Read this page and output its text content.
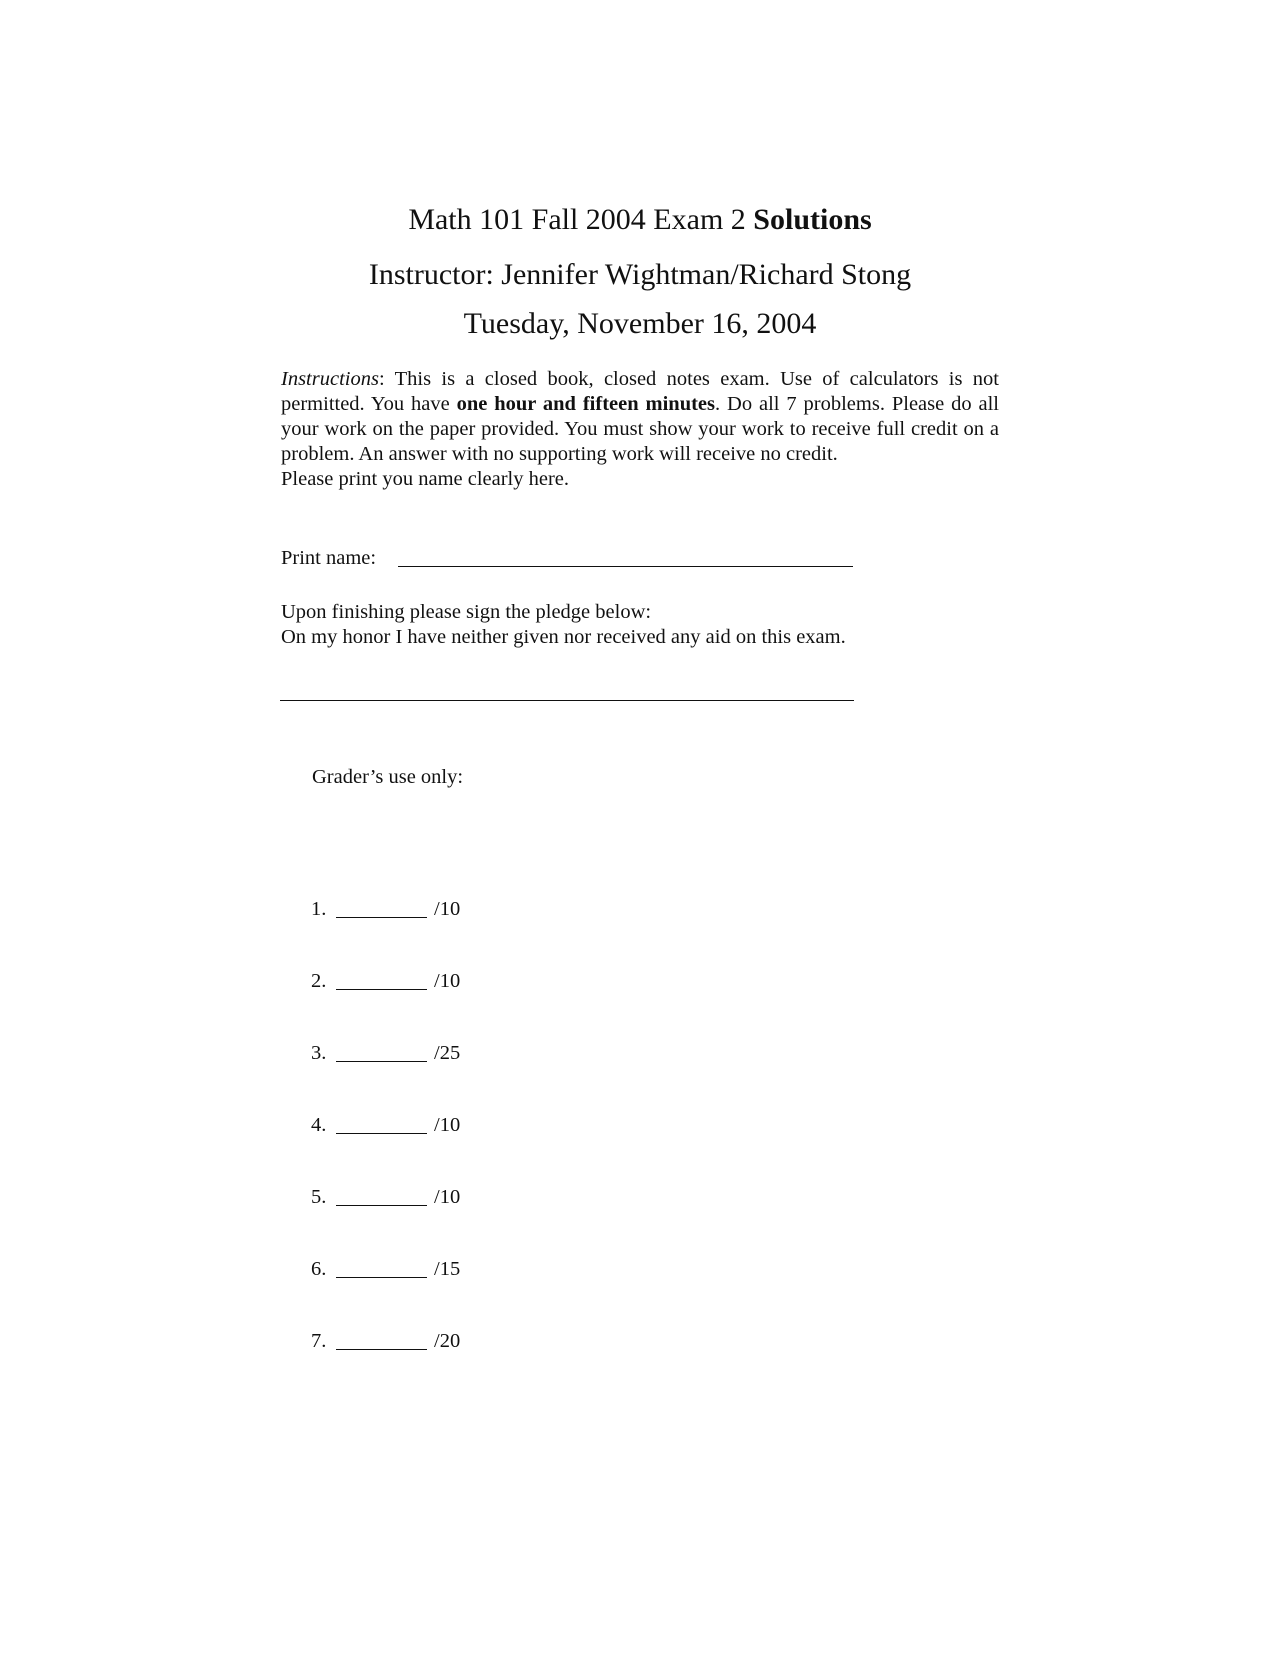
Math 101 Fall 2004 Exam 2 Solutions
Instructor: Jennifer Wightman/Richard Stong
Tuesday, November 16, 2004
Instructions: This is a closed book, closed notes exam. Use of calculators is not permitted. You have one hour and fifteen minutes. Do all 7 problems. Please do all your work on the paper provided. You must show your work to receive full credit on a problem. An answer with no supporting work will receive no credit.
Please print you name clearly here.
Print name:
Upon finishing please sign the pledge below:
On my honor I have neither given nor received any aid on this exam.
Grader’s use only:
1.	/10
2.	/10
3.	/25
4.	/10
5.	/10
6.	/15
7.	/20
